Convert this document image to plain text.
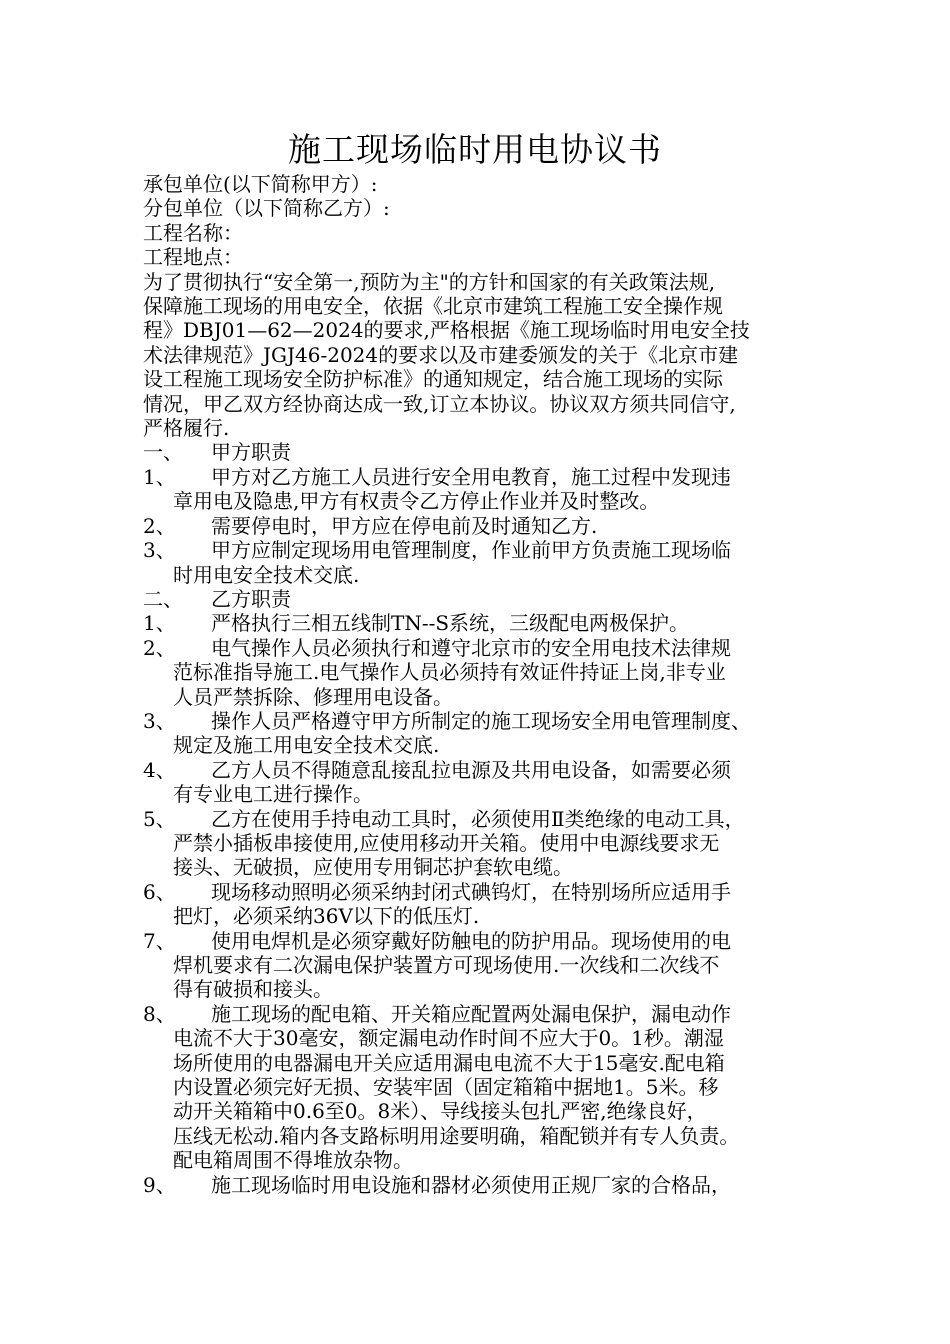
施工现场临时用电协议书
承包单位(以下简称甲方）:
分包单位（以下简称乙方）:
工程名称：
工程地点：
为了贯彻执行“安全第一,预防为主"的方针和国家的有关政策法规,
保障施工现场的用电安全，依据《北京市建筑工程施工安全操作规
程》DBJ01—62—2024的要求,严格根据《施工现场临时用电安全技
术法律规范》JGJ46-2024的要求以及市建委颁发的关于《北京市建
设工程施工现场安全防护标准》的通知规定，结合施工现场的实际
情况，甲乙双方经协商达成一致,订立本协议。协议双方须共同信守,
严格履行.
一、 甲方职责
1、	甲方对乙方施工人员进行安全用电教育，施工过程中发现违
章用电及隐患,甲方有权责令乙方停止作业并及时整改。
2、	需要停电时，甲方应在停电前及时通知乙方.
3、	甲方应制定现场用电管理制度，作业前甲方负责施工现场临
时用电安全技术交底.
二、 乙方职责
1、	严格执行三相五线制TN--S系统，三级配电两极保护。
2、	电气操作人员必须执行和遵守北京市的安全用电技术法律规
范标准指导施工.电气操作人员必须持有效证件持证上岗,非专业
人员严禁拆除、修理用电设备。
3、	操作人员严格遵守甲方所制定的施工现场安全用电管理制度、
规定及施工用电安全技术交底.
4、	乙方人员不得随意乱接乱拉电源及共用电设备，如需要必须
有专业电工进行操作。
5、	乙方在使用手持电动工具时，必须使用Ⅱ类绝缘的电动工具，
严禁小插板串接使用,应使用移动开关箱。使用中电源线要求无
接头、无破损，应使用专用铜芯护套软电缆。
6、	现场移动照明必须采纳封闭式碘钨灯，在特别场所应适用手
把灯，必须采纳36V以下的低压灯.
7、	使用电焊机是必须穿戴好防触电的防护用品。现场使用的电
焊机要求有二次漏电保护装置方可现场使用.一次线和二次线不
得有破损和接头。
8、	施工现场的配电箱、开关箱应配置两处漏电保护，漏电动作
电流不大于30毫安，额定漏电动作时间不应大于0。1秒。潮湿
场所使用的电器漏电开关应适用漏电电流不大于15毫安.配电箱
内设置必须完好无损、安装牢固（固定箱箱中据地1。5米。移
动开关箱箱中0.6至0。8米）、导线接头包扎严密,绝缘良好，
压线无松动.箱内各支路标明用途要明确，箱配锁并有专人负责。
配电箱周围不得堆放杂物。
9、	施工现场临时用电设施和器材必须使用正规厂家的合格品，
